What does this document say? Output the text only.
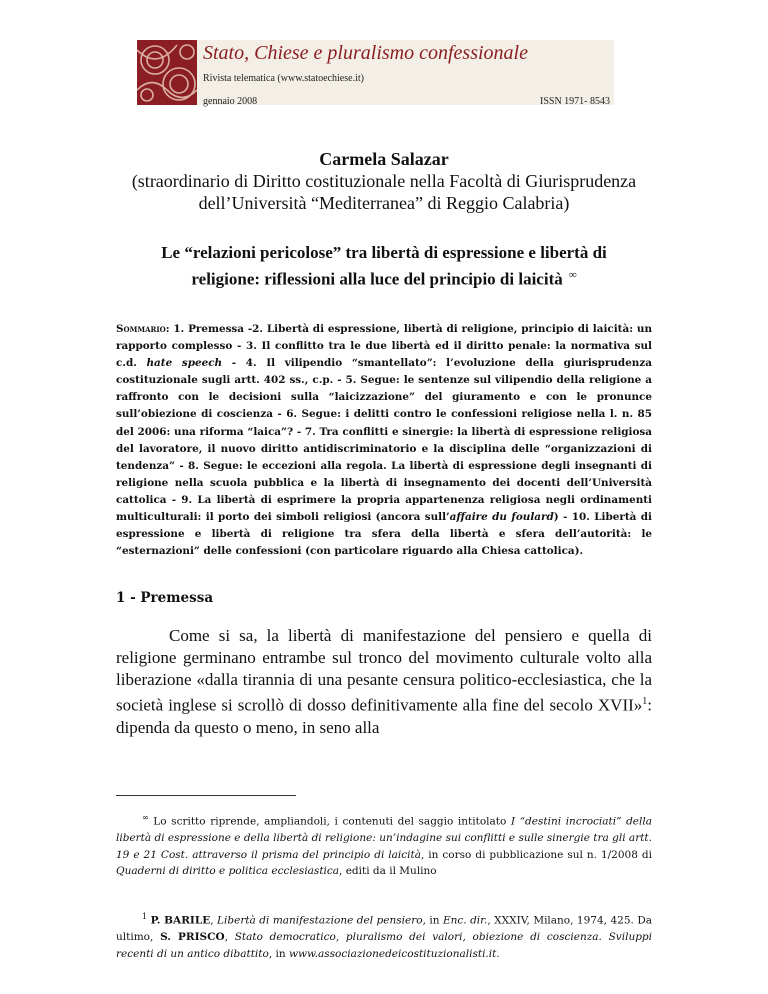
Stato, Chiese e pluralismo confessionale
Rivista telematica (www.statoechiese.it)
gennaio 2008	ISSN 1971- 8543
Carmela Salazar
(straordinario di Diritto costituzionale nella Facoltà di Giurisprudenza
dell’Università “Mediterranea” di Reggio Calabria)
Le “relazioni pericolose” tra libertà di espressione e libertà di
religione: riflessioni alla luce del principio di laicità ∞
Sommario: 1. Premessa -2. Libertà di espressione, libertà di religione, principio di laicità: un rapporto complesso - 3. Il conflitto tra le due libertà ed il diritto penale: la normativa sul c.d. hate speech - 4. Il vilipendio “smantellato”: l’evoluzione della giurisprudenza costituzionale sugli artt. 402 ss., c.p. - 5. Segue: le sentenze sul vilipendio della religione a raffronto con le decisioni sulla “laicizzazione” del giuramento e con le pronunce sull’obiezione di coscienza - 6. Segue: i delitti contro le confessioni religiose nella l. n. 85 del 2006: una riforma “laica”? - 7. Tra conflitti e sinergie: la libertà di espressione religiosa del lavoratore, il nuovo diritto antidiscriminatorio e la disciplina delle “organizzazioni di tendenza” - 8. Segue: le eccezioni alla regola. La libertà di espressione degli insegnanti di religione nella scuola pubblica e la libertà di insegnamento dei docenti dell’Università cattolica - 9. La libertà di esprimere la propria appartenenza religiosa negli ordinamenti multiculturali: il porto dei simboli religiosi (ancora sull’affaire du foulard) - 10. Libertà di espressione e libertà di religione tra sfera della libertà e sfera dell’autorità: le “esternazioni” delle confessioni (con particolare riguardo alla Chiesa cattolica).
1 - Premessa
Come si sa, la libertà di manifestazione del pensiero e quella di religione germinano entrambe sul tronco del movimento culturale volto alla liberazione «dalla tirannia di una pesante censura politico-ecclesiastica, che la società inglese si scrollò di dosso definitivamente alla fine del secolo XVII»$^1$: dipenda da questo o meno, in seno alla
∞ Lo scritto riprende, ampliandoli, i contenuti del saggio intitolato I “destini incrociati” della libertà di espressione e della libertà di religione: un’indagine sui conflitti e sulle sinergie tra gli artt. 19 e 21 Cost. attraverso il prisma del principio di laicità, in corso di pubblicazione sul n. 1/2008 di Quaderni di diritto e politica ecclesiastica, editi da il Mulino
$^1$ P. BARILE, Libertà di manifestazione del pensiero, in Enc. dir., XXXIV, Milano, 1974, 425. Da ultimo, S. PRISCO, Stato democratico, pluralismo dei valori, obiezione di coscienza. Sviluppi recenti di un antico dibattito, in www.associazionedeicostituzionalisti.it.
